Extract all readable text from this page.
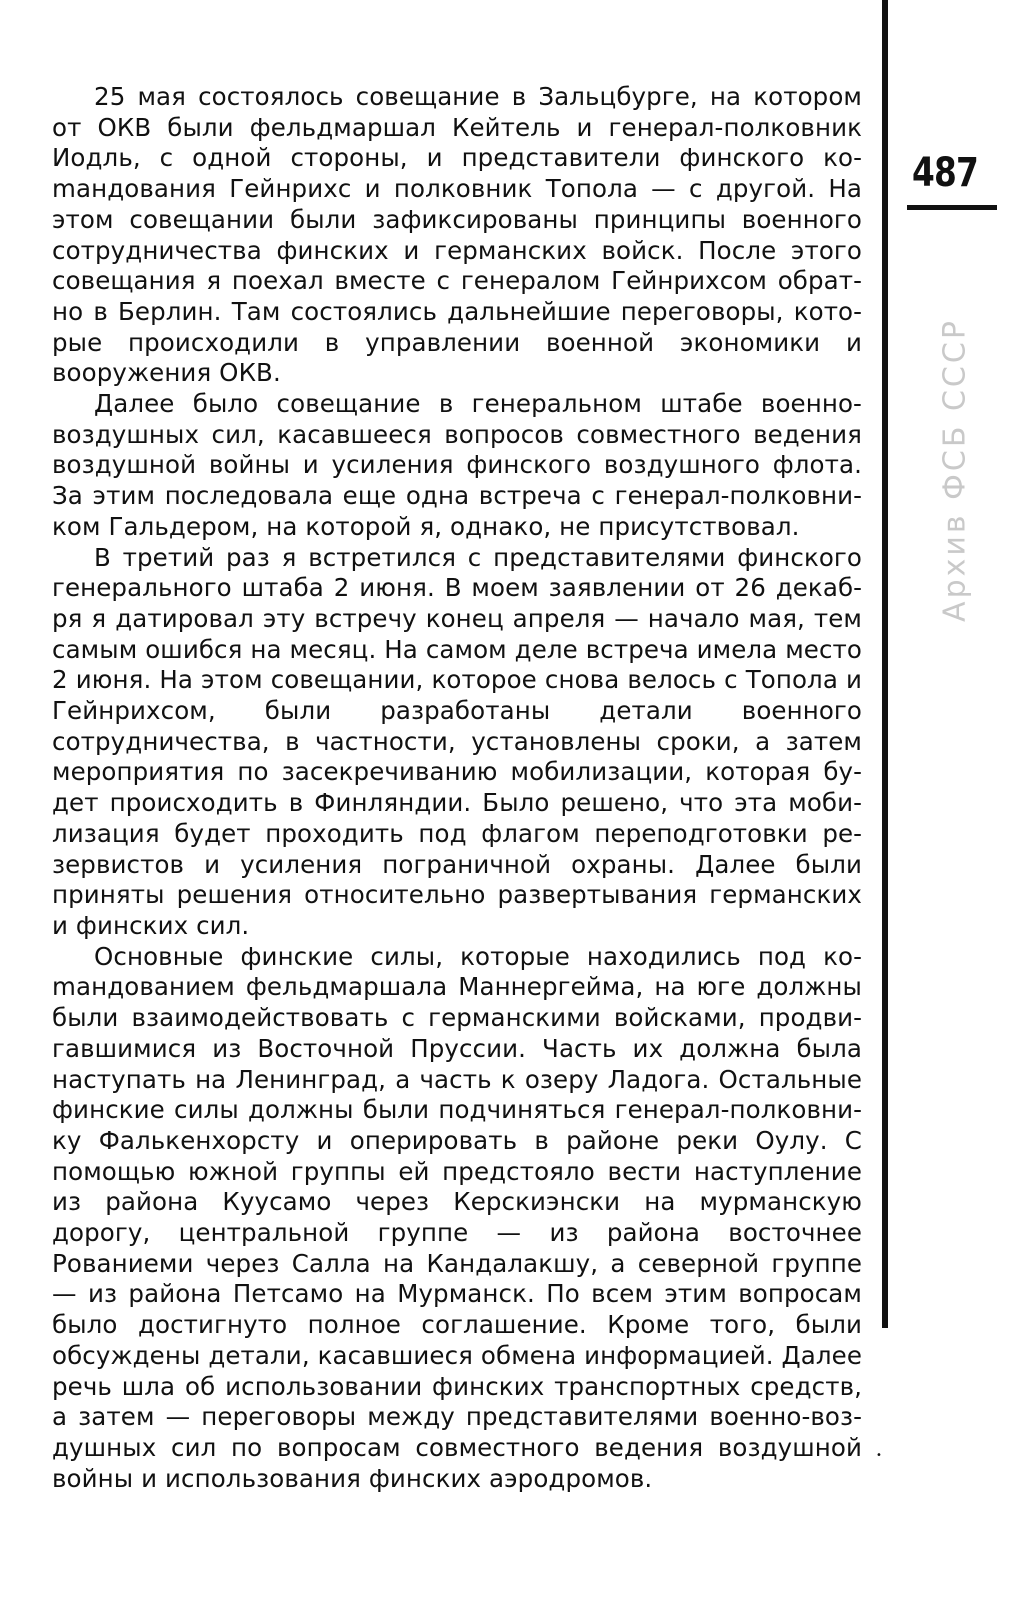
25 мая состоялось совещание в Зальцбурге, на котором от ОКВ были фельдмаршал Кейтель и генерал-полковник Иодль, с одной стороны, и представители финского коmандования Гейнрихс и полковник Топола — с другой. На этом совещании были зафиксированы принципы военного сотрудничества финских и германских войск. После этого совещания я поехал вместе с генералом Гейнрихсом обратно в Берлин. Там состоялись дальнейшие переговоры, которые происходили в управлении военной экономики и вооружения ОКВ.

Далее было совещание в генеральном штабе военно-воздушных сил, касавшееся вопросов совместного ведения воздушной войны и усиления финского воздушного флота. За этим последовала еще одна встреча с генерал-полковником Гальдером, на которой я, однако, не присутствовал.

В третий раз я встретился с представителями финского генерального штаба 2 июня. В моем заявлении от 26 декабря я датировал эту встречу конец апреля — начало мая, тем самым ошибся на месяц. На самом деле встреча имела место 2 июня. На этом совещании, которое снова велось с Топола и Гейнрихсом, были разработаны детали военного сотрудничества, в частности, установлены сроки, а затем мероприятия по засекречиванию мобилизации, которая будет происходить в Финляндии. Было решено, что эта мобилизация будет проходить под флагом переподготовки резервистов и усиления пограничной охраны. Далее были приняты решения относительно развертывания германских и финских сил.

Основные финские силы, которые находились под коmандованием фельдмаршала Маннергейма, на юге должны были взаимодействовать с германскими войсками, продвигавшимися из Восточной Пруссии. Часть их должна была наступать на Ленинград, а часть к озеру Ладога. Остальные финские силы должны были подчиняться генерал-полковнику Фалькенхорсту и оперировать в районе реки Оулу. С помощью южной группы ей предстояло вести наступление из района Куусамо через Керскиэнски на мурманскую дорогу, центральной группе — из района восточнее Рованиеми через Салла на Кандалакшу, а северной группе — из района Петсамо на Мурманск. По всем этим вопросам было достигнуто полное соглашение. Кроме того, были обсуждены детали, касавшиеся обмена информацией. Далее речь шла об использовании финских транспортных средств, а затем — переговоры между представителями военно-воздушных сил по вопросам совместного ведения воздушной войны и использования финских аэродромов.

487
Архив ФСБ СССР
•
